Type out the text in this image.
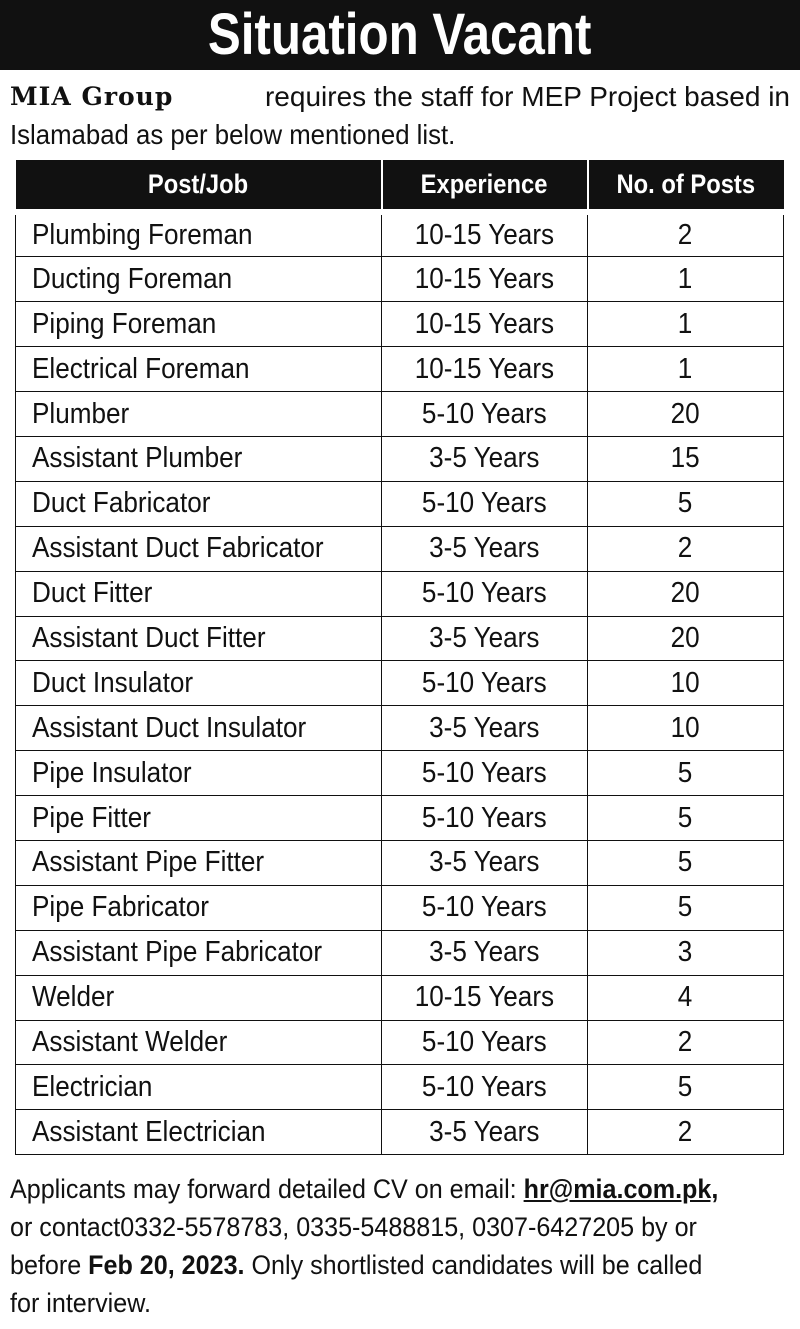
Situation Vacant
MIA Group	requires the staff for MEP Project based in
Islamabad as per below mentioned list.
Post/Job	Experience	No. of Posts
Plumbing Foreman	10-15 Years	2
Ducting Foreman	10-15 Years	1
Piping Foreman	10-15 Years	1
Electrical Foreman	10-15 Years	1
Plumber	5-10 Years	20
Assistant Plumber	3-5 Years	15
Duct Fabricator	5-10 Years	5
Assistant Duct Fabricator	3-5 Years	2
Duct Fitter	5-10 Years	20
Assistant Duct Fitter	3-5 Years	20
Duct Insulator	5-10 Years	10
Assistant Duct Insulator	3-5 Years	10
Pipe Insulator	5-10 Years	5
Pipe Fitter	5-10 Years	5
Assistant Pipe Fitter	3-5 Years	5
Pipe Fabricator	5-10 Years	5
Assistant Pipe Fabricator	3-5 Years	3
Welder	10-15 Years	4
Assistant Welder	5-10 Years	2
Electrician	5-10 Years	5
Assistant Electrician	3-5 Years	2
Applicants may forward detailed CV on email: hr@mia.com.pk,
or contact0332-5578783, 0335-5488815, 0307-6427205 by or
before Feb 20, 2023. Only shortlisted candidates will be called
for interview.
